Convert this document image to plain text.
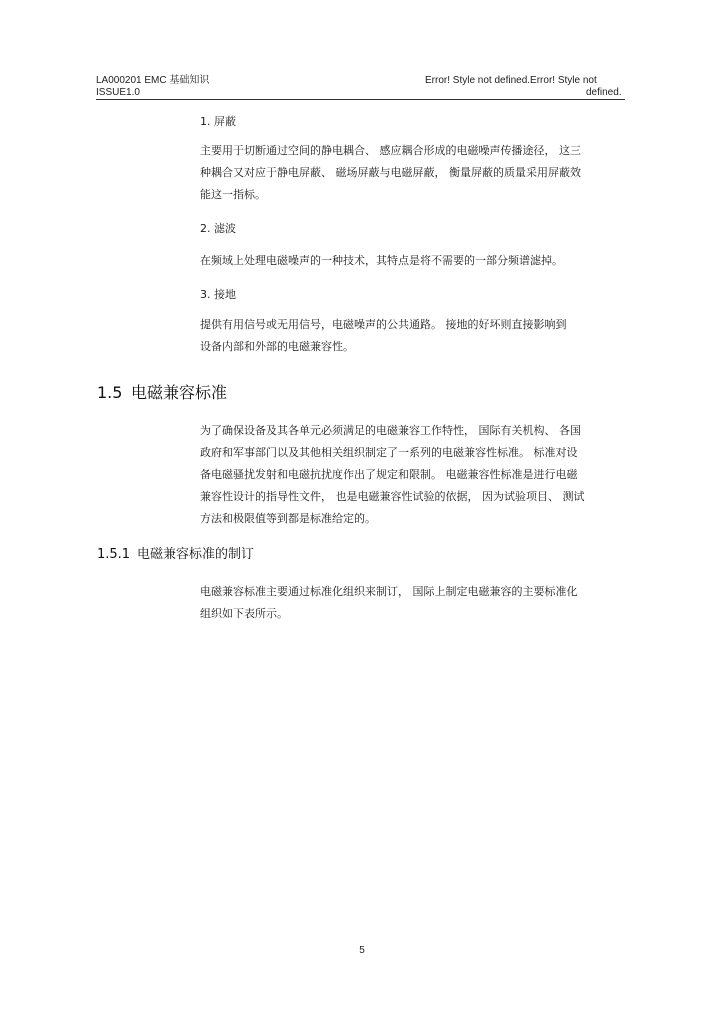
LA000201 EMC 基础知识
ISSUE1.0
Error! Style not defined.Error! Style not
defined.
1. 屏蔽
主要用于切断通过空间的静电耦合、 感应耦合形成的电磁噪声传播途径， 这三
种耦合又对应于静电屏蔽、 磁场屏蔽与电磁屏蔽， 衡量屏蔽的质量采用屏蔽效
能这一指标。
2. 滤波
在频域上处理电磁噪声的一种技术，其特点是将不需要的一部分频谱滤掉。
3. 接地
提供有用信号或无用信号，电磁噪声的公共通路。 接地的好坏则直接影响到
设备内部和外部的电磁兼容性。
1.5 电磁兼容标准
为了确保设备及其各单元必须满足的电磁兼容工作特性， 国际有关机构、 各国
政府和军事部门以及其他相关组织制定了一系列的电磁兼容性标准。 标准对设
备电磁骚扰发射和电磁抗扰度作出了规定和限制。 电磁兼容性标准是进行电磁
兼容性设计的指导性文件， 也是电磁兼容性试验的依据， 因为试验项目、 测试
方法和极限值等到都是标准给定的。
1.5.1 电磁兼容标准的制订
电磁兼容标准主要通过标准化组织来制订， 国际上制定电磁兼容的主要标准化
组织如下表所示。
5
